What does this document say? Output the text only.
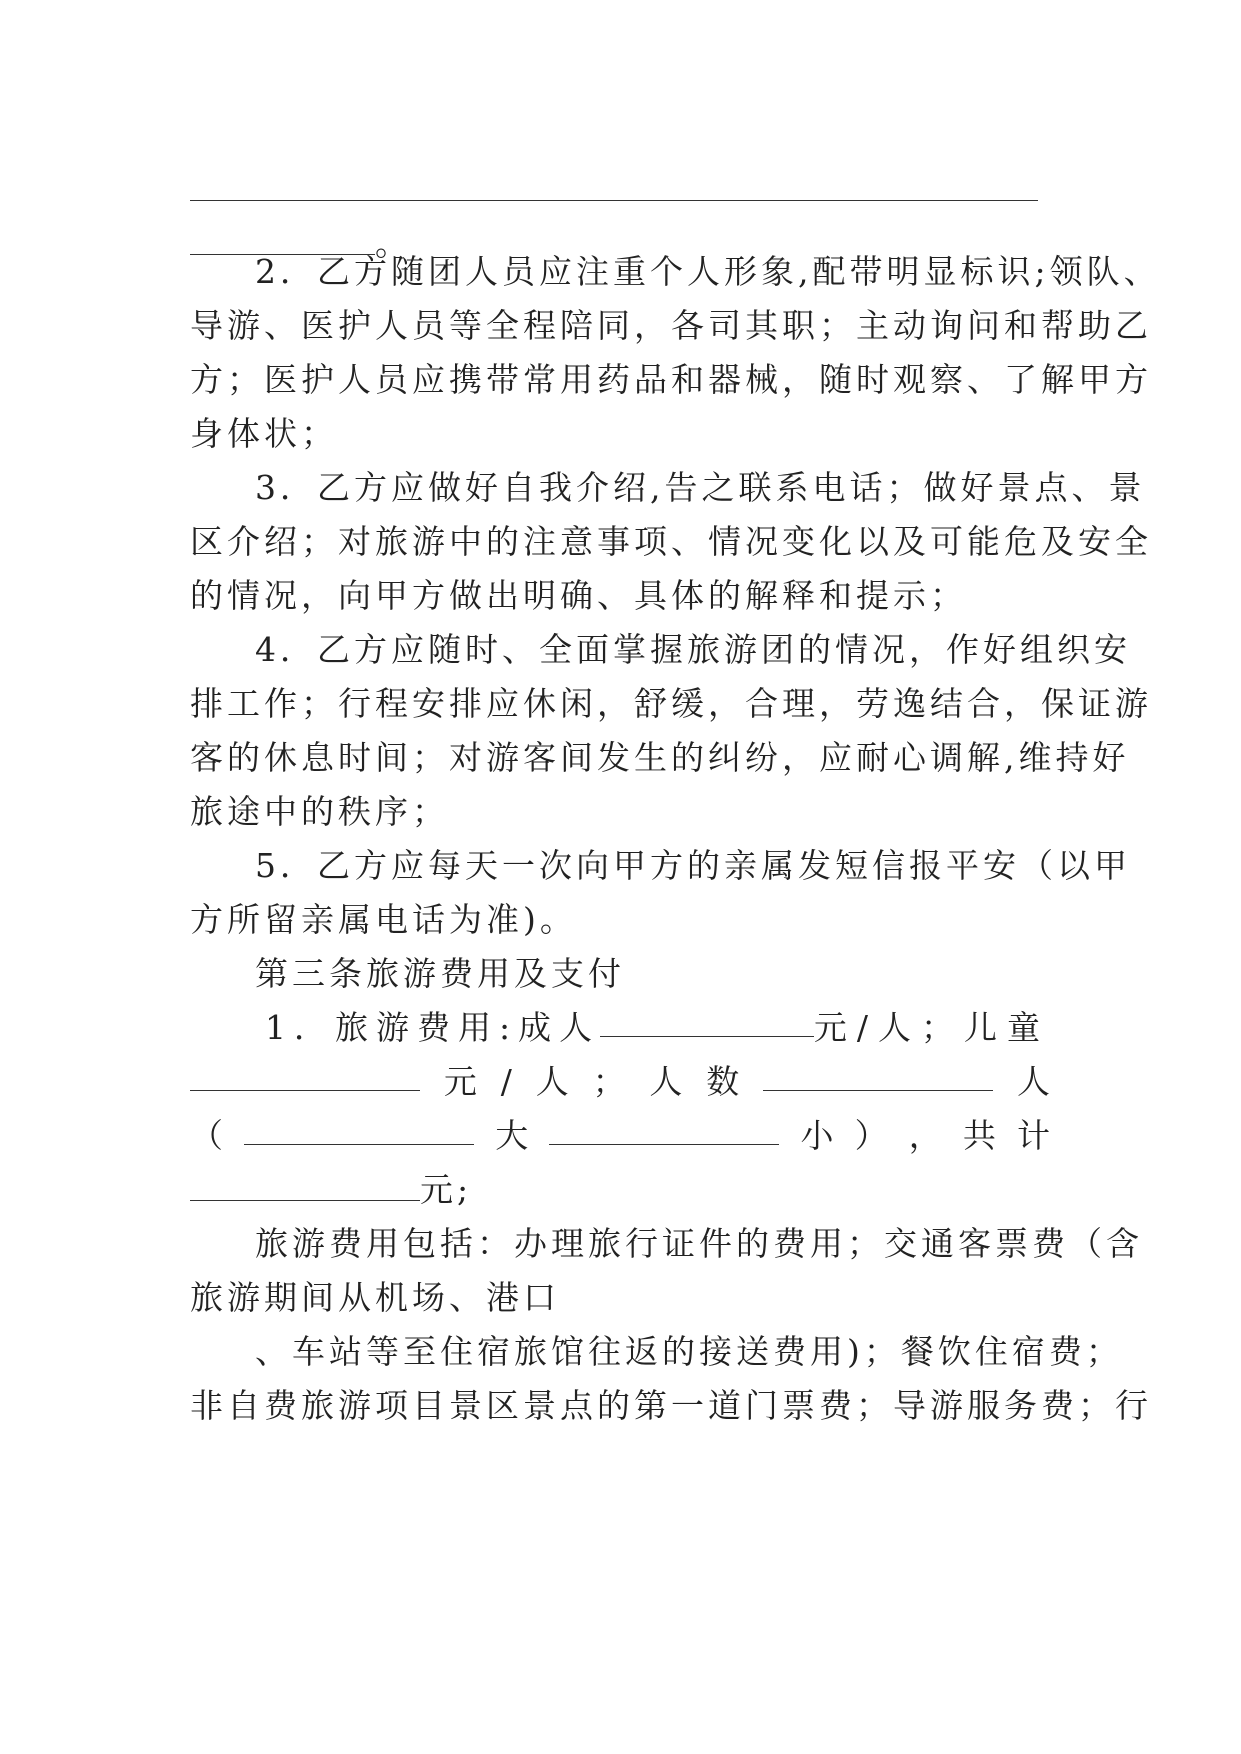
。
2．乙方随团人员应注重个人形象,配带明显标识;领队、
导游、医护人员等全程陪同，各司其职；主动询问和帮助乙
方；医护人员应携带常用药品和器械，随时观察、了解甲方
身体状；
3．乙方应做好自我介绍,告之联系电话；做好景点、景
区介绍；对旅游中的注意事项、情况变化以及可能危及安全
的情况，向甲方做出明确、具体的解释和提示；
4．乙方应随时、全面掌握旅游团的情况，作好组织安
排工作；行程安排应休闲，舒缓，合理，劳逸结合，保证游
客的休息时间；对游客间发生的纠纷，应耐心调解,维持好
旅途中的秩序；
5．乙方应每天一次向甲方的亲属发短信报平安（以甲
方所留亲属电话为准)。
第三条旅游费用及支付
1．旅游费用:成人	元/人；儿童
元 / 人 ； 人 数	人
（	大	小 ） ， 共 计
元;
旅游费用包括：办理旅行证件的费用；交通客票费（含
旅游期间从机场、港口
、车站等至住宿旅馆往返的接送费用)；餐饮住宿费；
非自费旅游项目景区景点的第一道门票费；导游服务费；行
